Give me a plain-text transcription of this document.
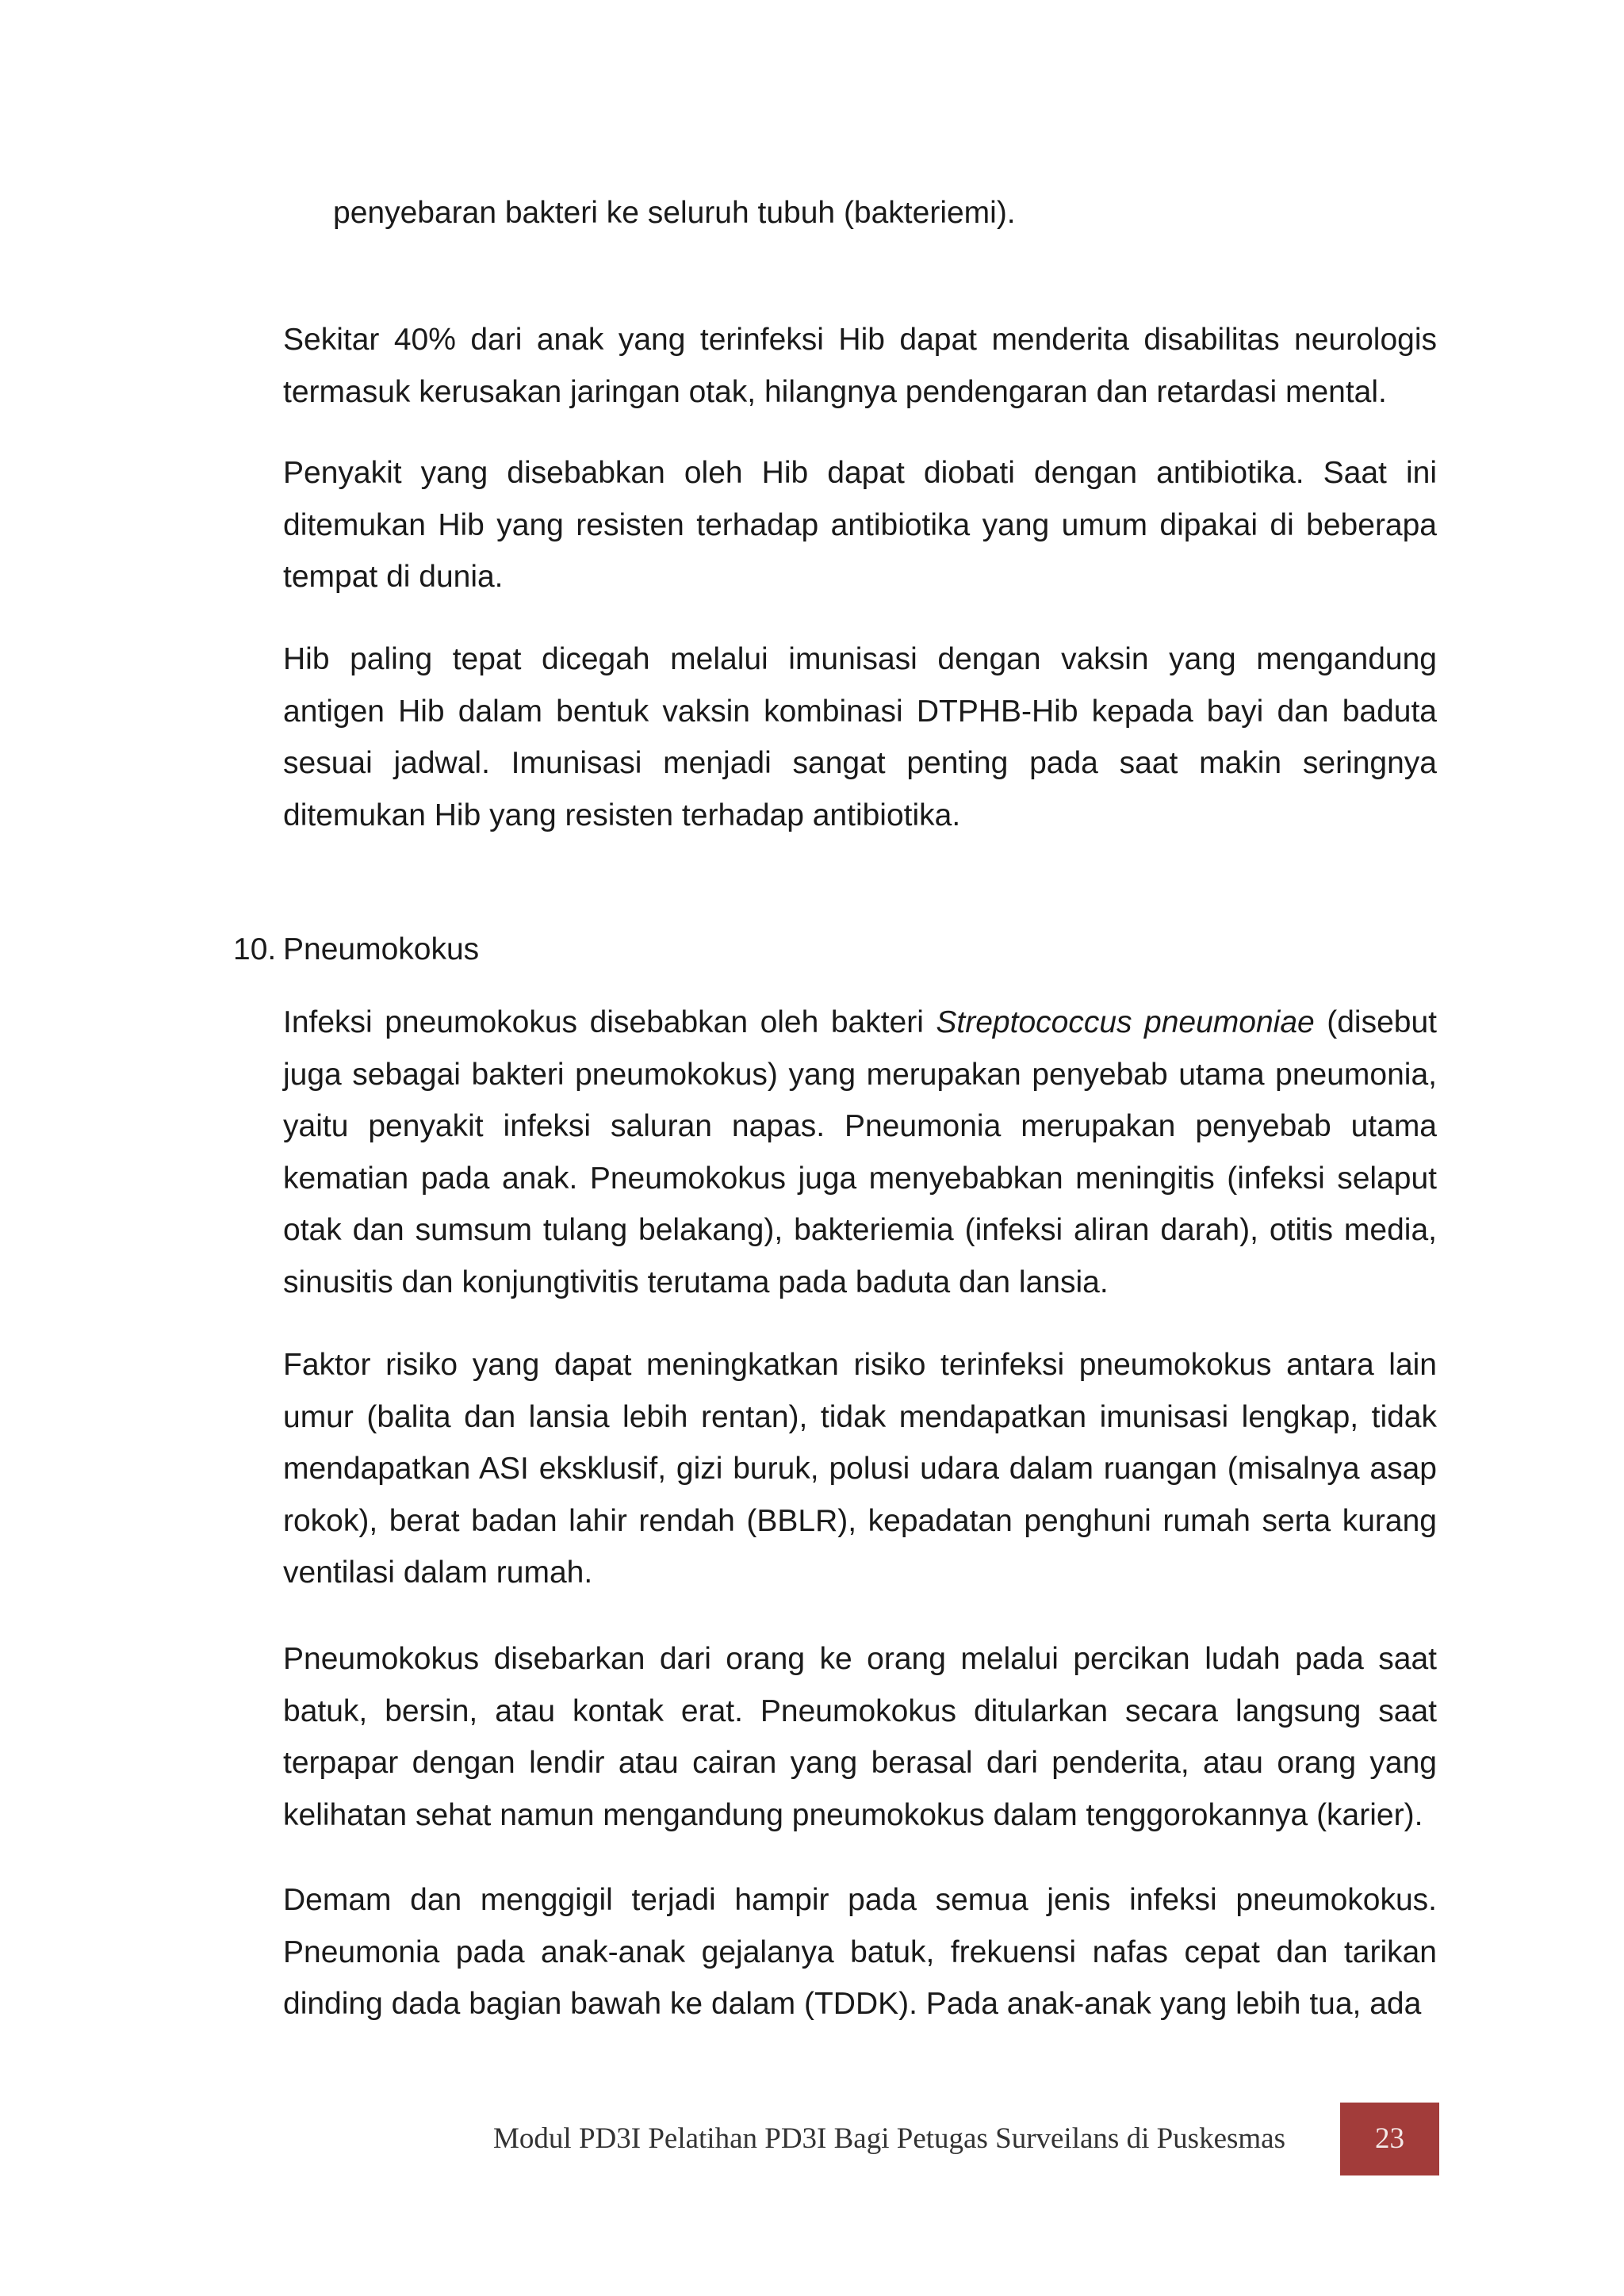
penyebaran bakteri ke seluruh tubuh (bakteriemi).

Sekitar 40% dari anak yang terinfeksi Hib dapat menderita disabilitas neurologis termasuk kerusakan jaringan otak, hilangnya pendengaran dan retardasi mental.

Penyakit yang disebabkan oleh Hib dapat diobati dengan antibiotika. Saat ini ditemukan Hib yang resisten terhadap antibiotika yang umum dipakai di beberapa tempat di dunia.

Hib paling tepat dicegah melalui imunisasi dengan vaksin yang mengandung antigen Hib dalam bentuk vaksin kombinasi DTPHB-Hib kepada bayi dan baduta sesuai jadwal. Imunisasi menjadi sangat penting pada saat makin seringnya ditemukan Hib yang resisten terhadap antibiotika.

10. Pneumokokus

Infeksi pneumokokus disebabkan oleh bakteri Streptococcus pneumoniae (disebut juga sebagai bakteri pneumokokus) yang merupakan penyebab utama pneumonia, yaitu penyakit infeksi saluran napas. Pneumonia merupakan penyebab utama kematian pada anak. Pneumokokus juga menyebabkan meningitis (infeksi selaput otak dan sumsum tulang belakang), bakteriemia (infeksi aliran darah), otitis media, sinusitis dan konjungtivitis terutama pada baduta dan lansia.

Faktor risiko yang dapat meningkatkan risiko terinfeksi pneumokokus antara lain umur (balita dan lansia lebih rentan), tidak mendapatkan imunisasi lengkap, tidak mendapatkan ASI eksklusif, gizi buruk, polusi udara dalam ruangan (misalnya asap rokok), berat badan lahir rendah (BBLR), kepadatan penghuni rumah serta kurang ventilasi dalam rumah.

Pneumokokus disebarkan dari orang ke orang melalui percikan ludah pada saat batuk, bersin, atau kontak erat. Pneumokokus ditularkan secara langsung saat terpapar dengan lendir atau cairan yang berasal dari penderita, atau orang yang kelihatan sehat namun mengandung pneumokokus dalam tenggorokannya (karier).

Demam dan menggigil terjadi hampir pada semua jenis infeksi pneumokokus. Pneumonia pada anak-anak gejalanya batuk, frekuensi nafas cepat dan tarikan dinding dada bagian bawah ke dalam (TDDK). Pada anak-anak yang lebih tua, ada

Modul PD3I Pelatihan PD3I Bagi Petugas Surveilans di Puskesmas	23
